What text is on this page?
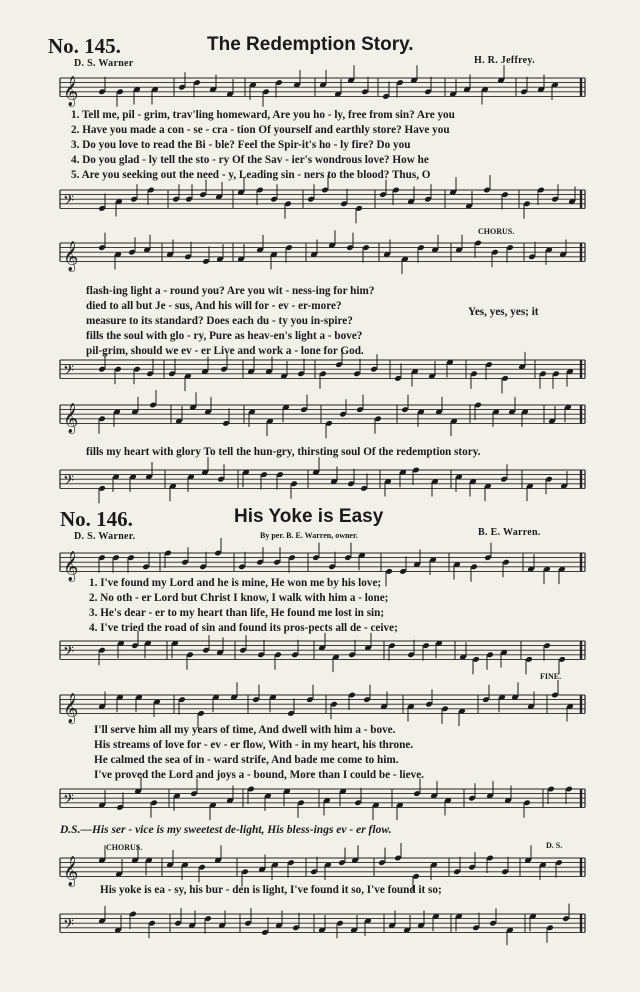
𝄞
𝄢
𝄞
𝄢
𝄞
𝄢
𝄞
𝄢
𝄞
𝄢
𝄞
𝄢
No. 145.	The Redemption Story.
D. S. Warner	H. R. Jeffrey.
1. Tell me, pil - grim, trav'ling homeward, Are you ho - ly, free from sin? Are you
2. Have you made a con - se - cra - tion Of yourself and earthly store? Have you
3. Do you love to read the Bi - ble? Feel the Spir-it's ho - ly fire? Do you
4. Do you glad - ly tell the sto - ry Of the Sav - ier's wondrous love? How he
5. Are you seeking out the need - y, Leading sin - ners to the blood? Thus, O
CHORUS.
flash-ing light a - round you? Are you wit - ness-ing for him?
died to all but Je - sus, And his will for - ev - er-more?
measure to its standard? Does each du - ty you in-spire?
fills the soul with glo - ry, Pure as heav-en's light a - bove?
pil-grim, should we ev - er Live and work a - lone for God.
Yes, yes, yes; it
fills my heart with glory To tell the hun-gry, thirsting soul Of the redemption story.
No. 146.	His Yoke is Easy
D. S. Warner.	By per. B. E. Warren, owner.	B. E. Warren.
1. I've found my Lord and he is mine, He won me by his love;
2. No oth - er Lord but Christ I know, I walk with him a - lone;
3. He's dear - er to my heart than life, He found me lost in sin;
4. I've tried the road of sin and found its pros-pects all de - ceive;
FINE.
I'll serve him all my years of time, And dwell with him a - bove.
His streams of love for - ev - er flow, With - in my heart, his throne.
He calmed the sea of in - ward strife, And bade me come to him.
I've proved the Lord and joys a - bound, More than I could be - lieve.
D.S.—His ser - vice is my sweetest de-light, His bless-ings ev - er flow.
CHORUS.	D. S.
His yoke is ea - sy, his bur - den is light, I've found it so, I've found it so;
